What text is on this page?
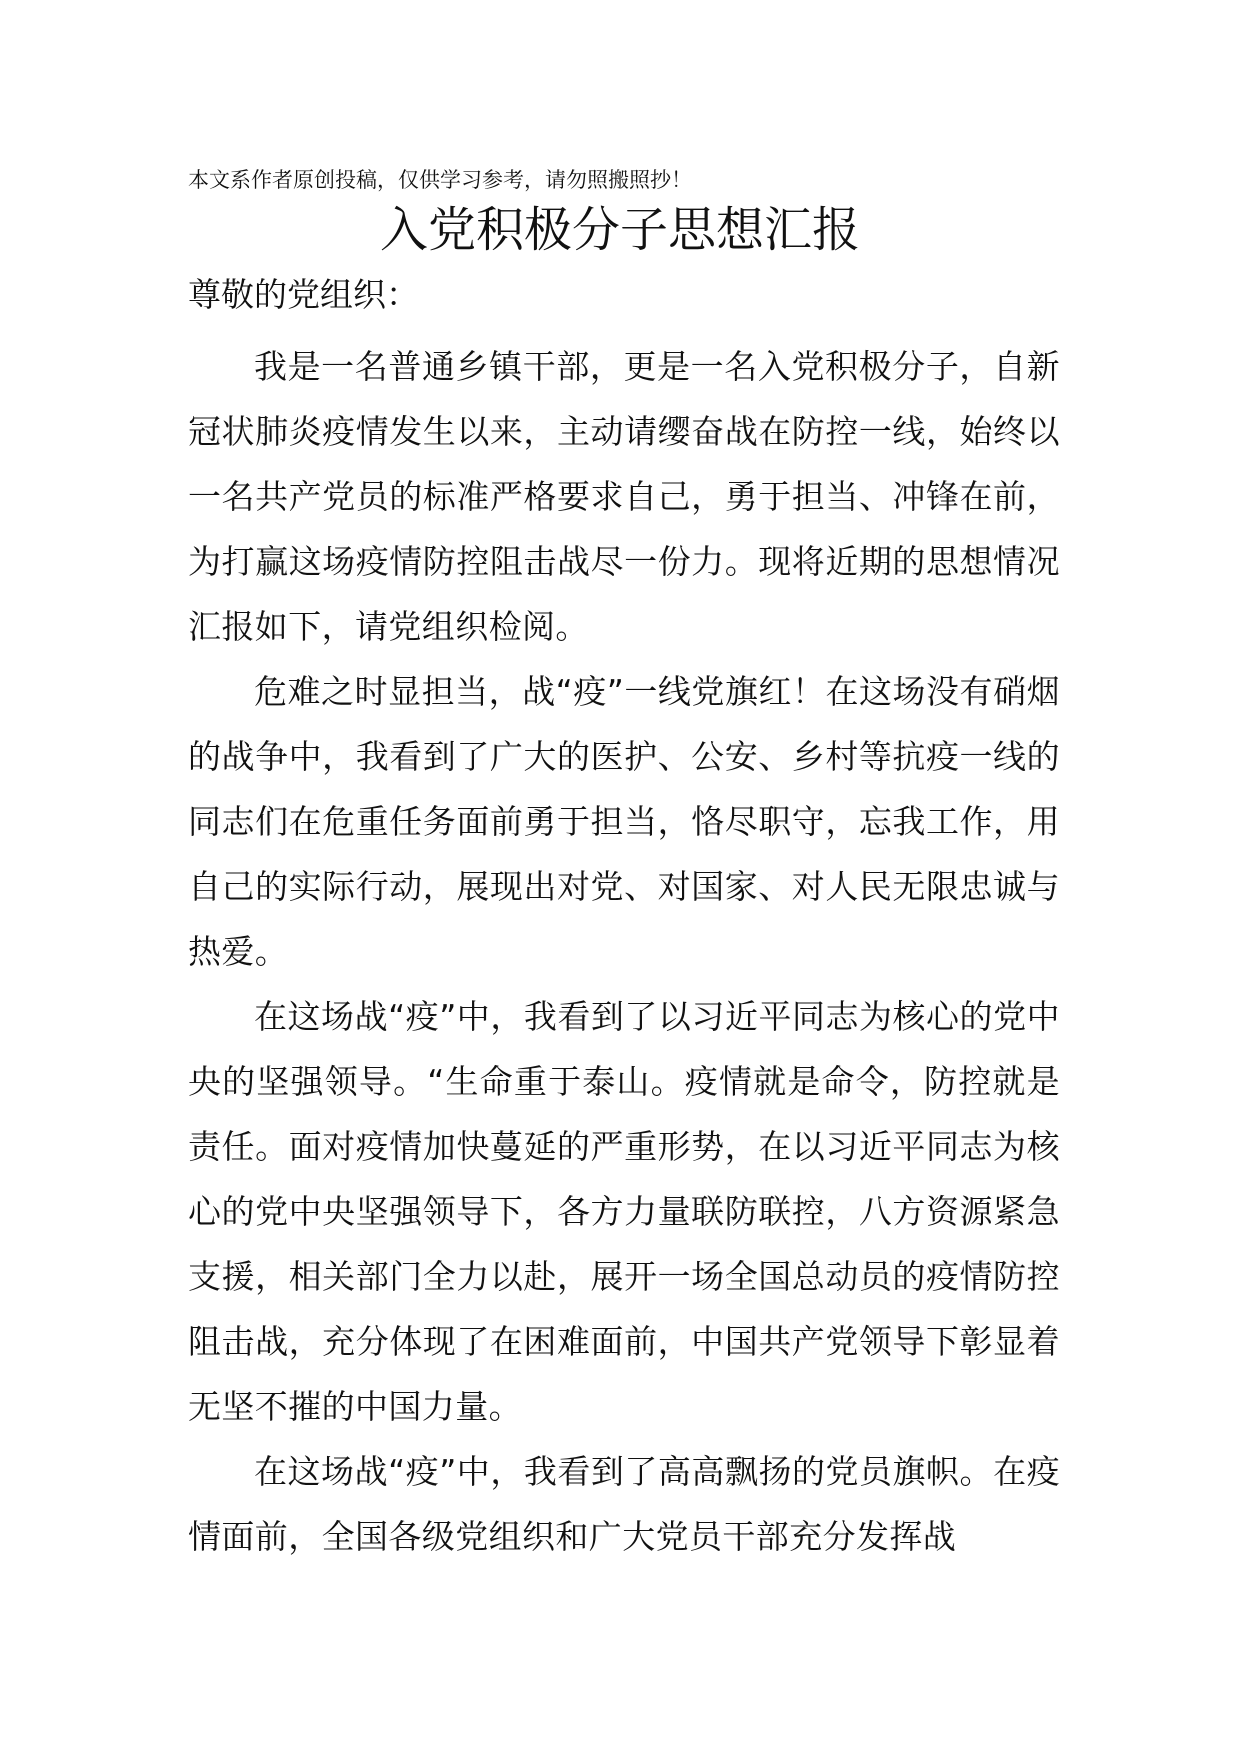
本文系作者原创投稿，仅供学习参考，请勿照搬照抄！
入党积极分子思想汇报
尊敬的党组织：

我是一名普通乡镇干部，更是一名入党积极分子，自新冠状肺炎疫情发生以来，主动请缨奋战在防控一线，始终以一名共产党员的标准严格要求自己，勇于担当、冲锋在前，为打赢这场疫情防控阻击战尽一份力。现将近期的思想情况汇报如下，请党组织检阅。

危难之时显担当，战“疫”一线党旗红！在这场没有硝烟的战争中，我看到了广大的医护、公安、乡村等抗疫一线的同志们在危重任务面前勇于担当，恪尽职守，忘我工作，用自己的实际行动，展现出对党、对国家、对人民无限忠诚与热爱。

在这场战“疫”中，我看到了以习近平同志为核心的党中央的坚强领导。“生命重于泰山。疫情就是命令，防控就是责任。面对疫情加快蔓延的严重形势，在以习近平同志为核心的党中央坚强领导下，各方力量联防联控，八方资源紧急支援，相关部门全力以赴，展开一场全国总动员的疫情防控阻击战，充分体现了在困难面前，中国共产党领导下彰显着无坚不摧的中国力量。

在这场战“疫”中，我看到了高高飘扬的党员旗帜。在疫情面前，全国各级党组织和广大党员干部充分发挥战
